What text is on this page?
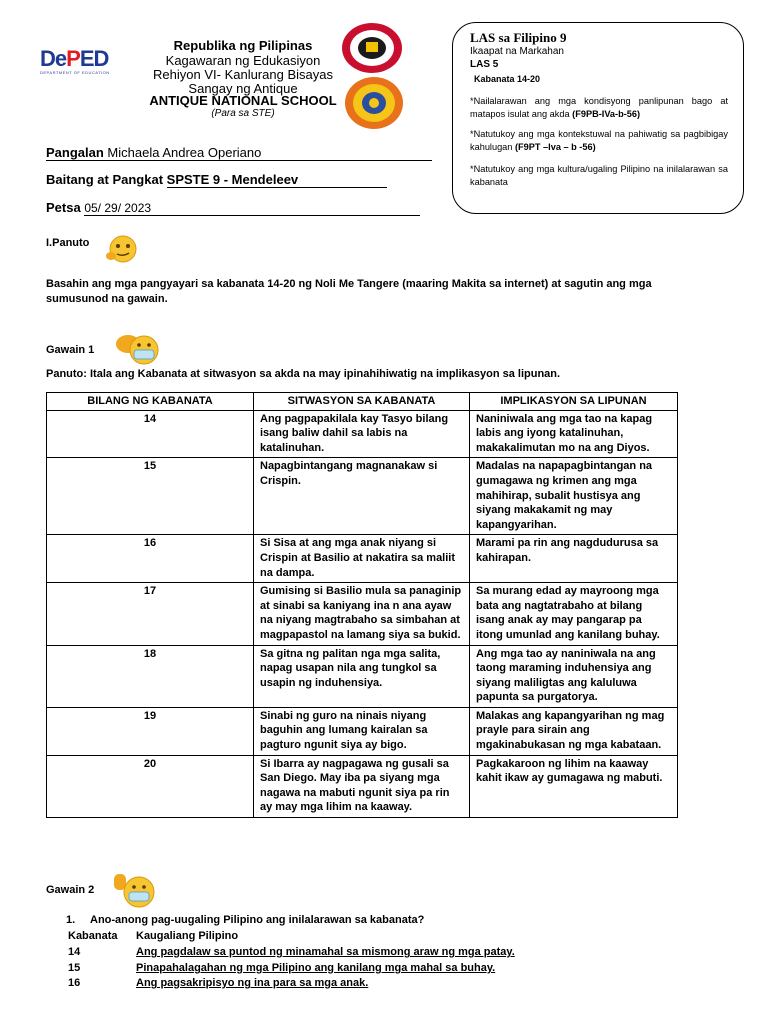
DePED
DEPARTMENT OF EDUCATION
Republika ng Pilipinas
Kagawaran ng Edukasiyon
Rehiyon VI- Kanlurang Bisayas
Sangay ng Antique
ANTIQUE NATIONAL SCHOOL
(Para sa STE)
LAS sa Filipino 9
Ikaapat na Markahan
LAS 5
Kabanata 14-20
*Nailalarawan ang mga kondisyong panlipunan bago at matapos isulat ang akda (F9PB-IVa-b-56)
*Natutukoy ang mga kontekstuwal na pahiwatig sa pagbibigay kahulugan (F9PT –Iva – b -56)
*Natutukoy ang mga kultura/ugaling Pilipino na inilalarawan sa kabanata
Pangalan Michaela Andrea Operiano
Baitang at Pangkat SPSTE 9 - Mendeleev
Petsa 05/ 29/ 2023
I.Panuto
Basahin ang mga pangyayari sa kabanata 14-20 ng Noli Me Tangere (maaring Makita sa internet) at sagutin ang mga sumusunod na gawain.
Gawain 1
Panuto: Itala ang Kabanata at sitwasyon sa akda na may ipinahihiwatig na implikasyon sa lipunan.
BILANG NG KABANATA	SITWASYON SA KABANATA	IMPLIKASYON SA LIPUNAN
14	Ang pagpapakilala kay Tasyo bilang isang baliw dahil sa labis na katalinuhan.	Naniniwala ang mga tao na kapag labis ang iyong katalinuhan, makakalimutan mo na ang Diyos.
15	Napagbintangang magnanakaw si Crispin.	Madalas na napapagbintangan na gumagawa ng krimen ang mga mahihirap, subalit hustisya ang siyang makakamit ng may kapangyarihan.
16	Si Sisa at ang mga anak niyang si Crispin at Basilio at nakatira sa maliit na dampa.	Marami pa rin ang nagdudurusa sa kahirapan.
17	Gumising si Basilio mula sa panaginip at sinabi sa kaniyang ina n ana ayaw na niyang magtrabaho sa simbahan at magpapastol na lamang siya sa bukid.	Sa murang edad ay mayroong mga bata ang nagtatrabaho at bilang isang anak ay may pangarap pa itong umunlad ang kanilang buhay.
18	Sa gitna ng palitan nga mga salita, napag usapan nila ang tungkol sa usapin ng induhensiya.	Ang mga tao ay naniniwala na ang taong maraming induhensiya ang siyang maliligtas ang kaluluwa papunta sa purgatorya.
19	Sinabi ng guro na ninais niyang baguhin ang lumang kairalan sa pagturo ngunit siya ay bigo.	Malakas ang kapangyarihan ng mag prayle para sirain ang mgakinabukasan ng mga kabataan.
20	Si Ibarra ay nagpagawa ng gusali sa San Diego. May iba pa siyang mga nagawa na mabuti ngunit siya pa rin ay may mga lihim na kaaway.	Pagkakaroon ng lihim na kaaway kahit ikaw ay gumagawa ng mabuti.
Gawain 2
1. Ano-anong pag-uugaling Pilipino ang inilalarawan sa kabanata?
Kabanata Kaugaliang Pilipino
14	Ang pagdalaw sa puntod ng minamahal sa mismong araw ng mga patay.
15	Pinapahalagahan ng mga Pilipino ang kanilang mga mahal sa buhay.
16	Ang pagsakripisyo ng ina para sa mga anak.
